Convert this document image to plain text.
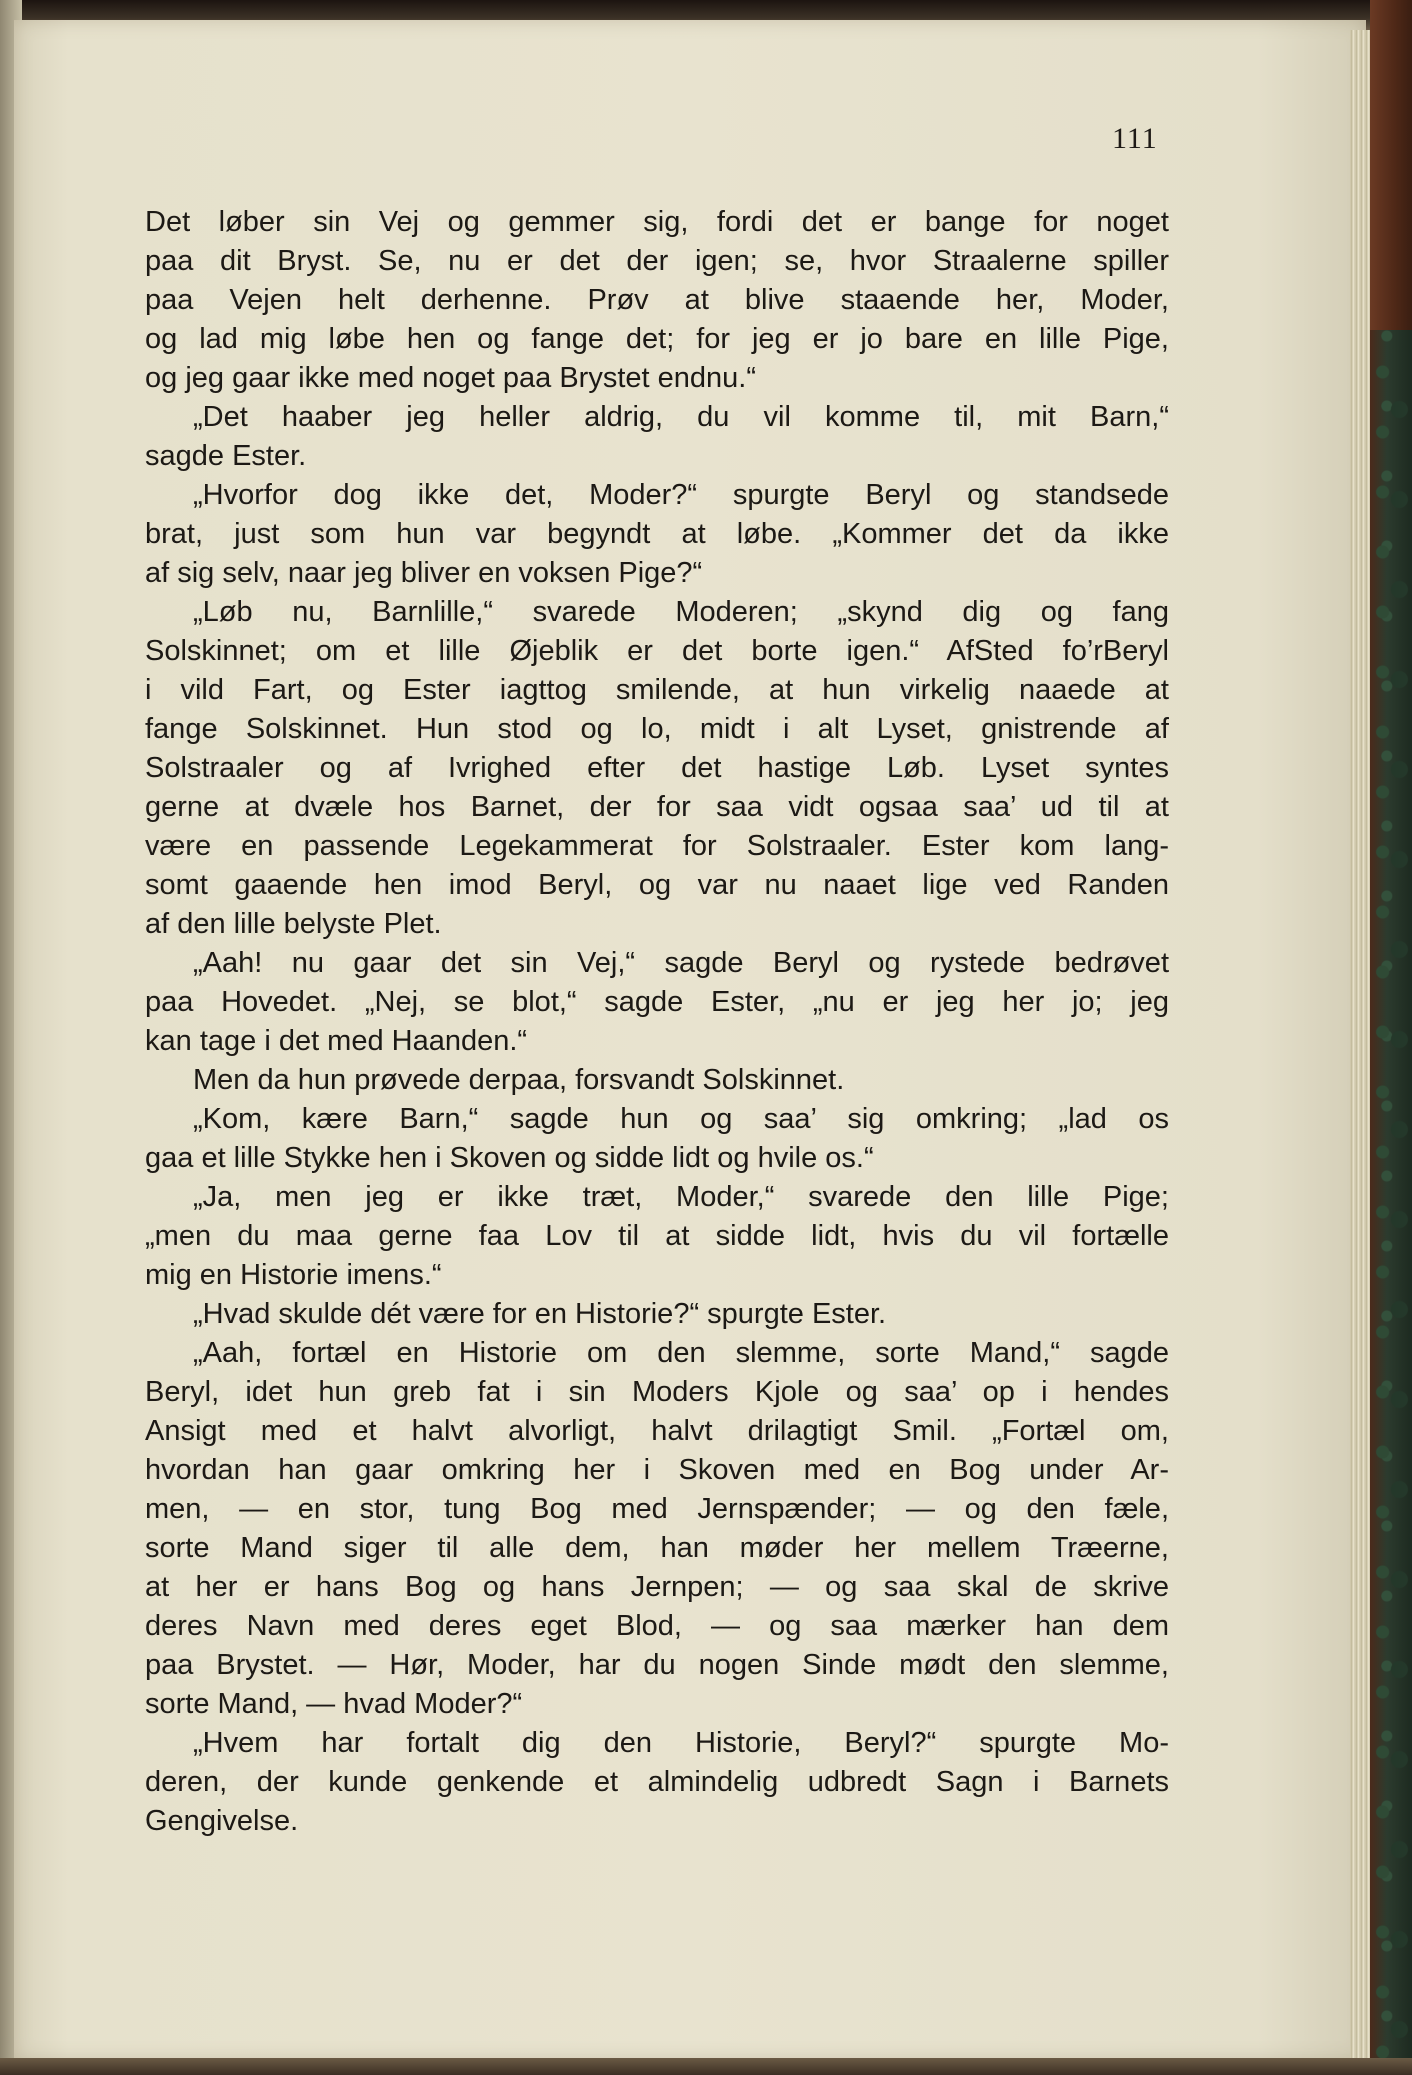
111
Det løber sin Vej og gemmer sig, fordi det er bange for noget
paa dit Bryst. Se, nu er det der igen; se, hvor Straalerne spiller
paa Vejen helt derhenne. Prøv at blive staaende her, Moder,
og lad mig løbe hen og fange det; for jeg er jo bare en lille Pige,
og jeg gaar ikke med noget paa Brystet endnu.“
„Det haaber jeg heller aldrig, du vil komme til, mit Barn,“
sagde Ester.
„Hvorfor dog ikke det, Moder?“ spurgte Beryl og standsede
brat, just som hun var begyndt at løbe. „Kommer det da ikke
af sig selv, naar jeg bliver en voksen Pige?“
„Løb nu, Barnlille,“ svarede Moderen; „skynd dig og fang
Solskinnet; om et lille Øjeblik er det borte igen.“ AfSted fo’rBeryl
i vild Fart, og Ester iagttog smilende, at hun virkelig naaede at
fange Solskinnet. Hun stod og lo, midt i alt Lyset, gnistrende af
Solstraaler og af Ivrighed efter det hastige Løb. Lyset syntes
gerne at dvæle hos Barnet, der for saa vidt ogsaa saa’ ud til at
være en passende Legekammerat for Solstraaler. Ester kom lang-
somt gaaende hen imod Beryl, og var nu naaet lige ved Randen
af den lille belyste Plet.
„Aah! nu gaar det sin Vej,“ sagde Beryl og rystede bedrøvet
paa Hovedet. „Nej, se blot,“ sagde Ester, „nu er jeg her jo; jeg
kan tage i det med Haanden.“
Men da hun prøvede derpaa, forsvandt Solskinnet.
„Kom, kære Barn,“ sagde hun og saa’ sig omkring; „lad os
gaa et lille Stykke hen i Skoven og sidde lidt og hvile os.“
„Ja, men jeg er ikke træt, Moder,“ svarede den lille Pige;
„men du maa gerne faa Lov til at sidde lidt, hvis du vil fortælle
mig en Historie imens.“
„Hvad skulde dét være for en Historie?“ spurgte Ester.
„Aah, fortæl en Historie om den slemme, sorte Mand,“ sagde
Beryl, idet hun greb fat i sin Moders Kjole og saa’ op i hendes
Ansigt med et halvt alvorligt, halvt drilagtigt Smil. „Fortæl om,
hvordan han gaar omkring her i Skoven med en Bog under Ar-
men, — en stor, tung Bog med Jernspænder; — og den fæle,
sorte Mand siger til alle dem, han møder her mellem Træerne,
at her er hans Bog og hans Jernpen; — og saa skal de skrive
deres Navn med deres eget Blod, — og saa mærker han dem
paa Brystet. — Hør, Moder, har du nogen Sinde mødt den slemme,
sorte Mand, — hvad Moder?“
„Hvem har fortalt dig den Historie, Beryl?“ spurgte Mo-
deren, der kunde genkende et almindelig udbredt Sagn i Barnets
Gengivelse.
